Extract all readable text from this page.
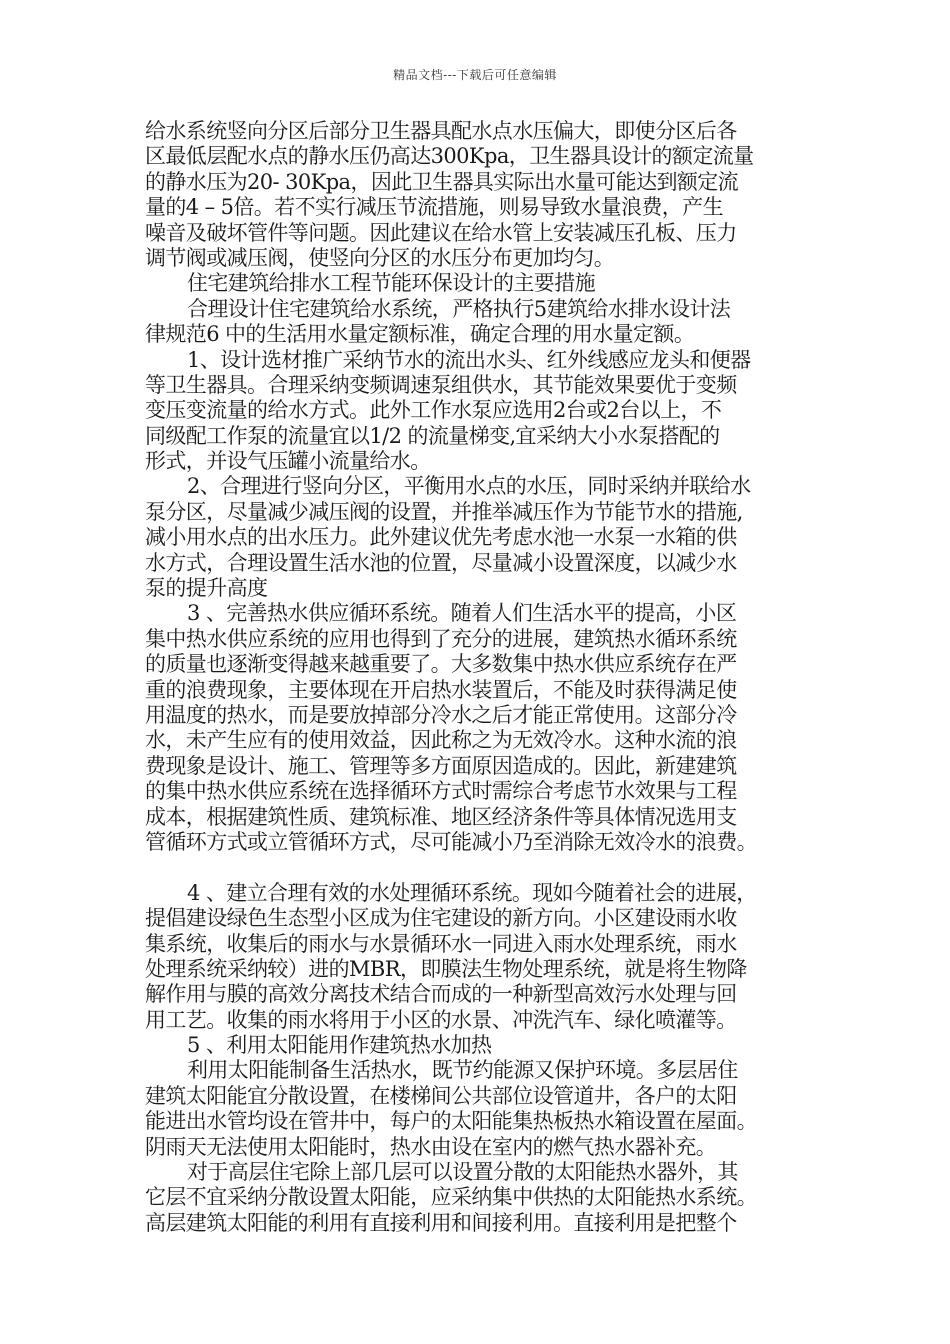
精品文档---下载后可任意编辑
给水系统竖向分区后部分卫生器具配水点水压偏大，即使分区后各
区最低层配水点的静水压仍高达300Kpa，卫生器具设计的额定流量
的静水压为20- 30Kpa，因此卫生器具实际出水量可能达到额定流
量的4 – 5倍。若不实行减压节流措施，则易导致水量浪费，产生
噪音及破坏管件等问题。因此建议在给水管上安装减压孔板、压力
调节阀或减压阀，使竖向分区的水压分布更加均匀。
住宅建筑给排水工程节能环保设计的主要措施
合理设计住宅建筑给水系统，严格执行5建筑给水排水设计法
律规范6 中的生活用水量定额标准，确定合理的用水量定额。
1、设计选材推广采纳节水的流出水头、红外线感应龙头和便器
等卫生器具。合理采纳变频调速泵组供水，其节能效果要优于变频
变压变流量的给水方式。此外工作水泵应选用2台或2台以上，不
同级配工作泵的流量宜以1/2 的流量梯变,宜采纳大小水泵搭配的
形式，并设气压罐小流量给水。
2、合理进行竖向分区，平衡用水点的水压，同时采纳并联给水
泵分区，尽量减少减压阀的设置，并推举减压作为节能节水的措施,
减小用水点的出水压力。此外建议优先考虑水池一水泵一水箱的供
水方式，合理设置生活水池的位置，尽量减小设置深度，以减少水
泵的提升高度
3 、完善热水供应循环系统。随着人们生活水平的提高，小区
集中热水供应系统的应用也得到了充分的进展，建筑热水循环系统
的质量也逐渐变得越来越重要了。大多数集中热水供应系统存在严
重的浪费现象，主要体现在开启热水装置后，不能及时获得满足使
用温度的热水，而是要放掉部分冷水之后才能正常使用。这部分冷
水，未产生应有的使用效益，因此称之为无效冷水。这种水流的浪
费现象是设计、施工、管理等多方面原因造成的。因此，新建建筑
的集中热水供应系统在选择循环方式时需综合考虑节水效果与工程
成本，根据建筑性质、建筑标准、地区经济条件等具体情况选用支
管循环方式或立管循环方式，尽可能减小乃至消除无效冷水的浪费。
4 、建立合理有效的水处理循环系统。现如今随着社会的进展，
提倡建设绿色生态型小区成为住宅建设的新方向。小区建设雨水收
集系统，收集后的雨水与水景循环水一同进入雨水处理系统，雨水
处理系统采纳较）进的MBR，即膜法生物处理系统，就是将生物降
解作用与膜的高效分离技术结合而成的一种新型高效污水处理与回
用工艺。收集的雨水将用于小区的水景、冲洗汽车、绿化喷灌等。
5 、利用太阳能用作建筑热水加热
利用太阳能制备生活热水，既节约能源又保护环境。多层居住
建筑太阳能宜分散设置，在楼梯间公共部位设管道井，各户的太阳
能进出水管均设在管井中，每户的太阳能集热板热水箱设置在屋面。
阴雨天无法使用太阳能时，热水由设在室内的燃气热水器补充。
对于高层住宅除上部几层可以设置分散的太阳能热水器外，其
它层不宜采纳分散设置太阳能，应采纳集中供热的太阳能热水系统。
高层建筑太阳能的利用有直接利用和间接利用。直接利用是把整个
